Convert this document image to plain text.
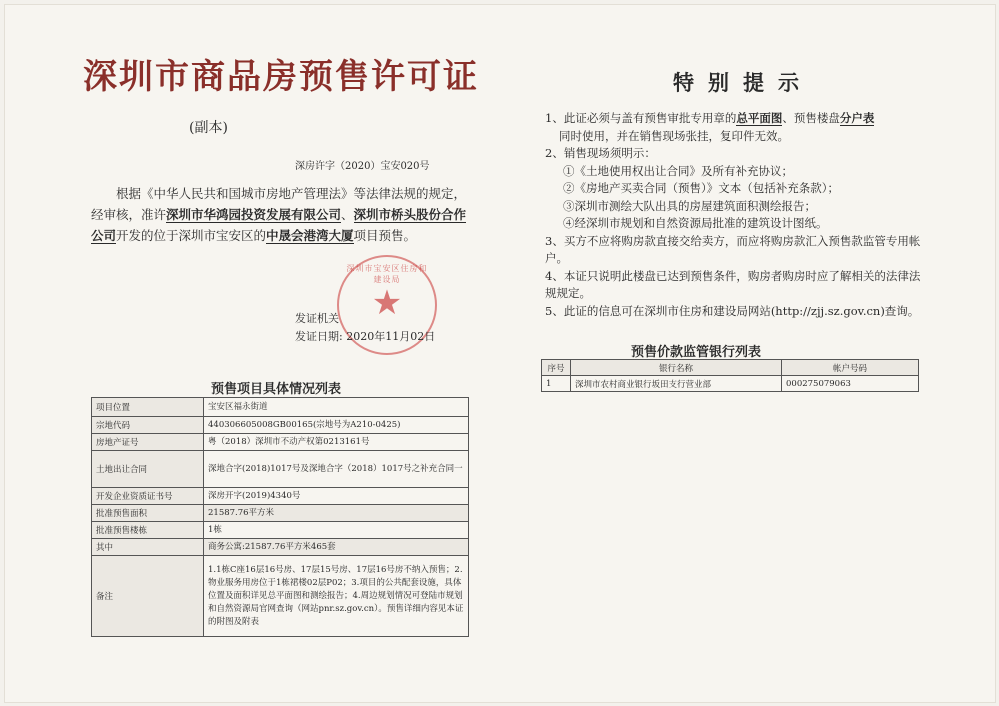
深圳市商品房预售许可证
(副本)
深房许字（2020）宝安020号
根据《中华人民共和国城市房地产管理法》等法律法规的规定，经审核，准许深圳市华鸿园投资发展有限公司、深圳市桥头股份合作公司开发的位于深圳市宝安区的中晟会港湾大厦项目预售。
深圳市宝安区住房和建设局
★
发证机关
发证日期: 2020年11月02日
预售项目具体情况列表
项目位置	宝安区福永街道
宗地代码	440306605008GB00165(宗地号为A210-0425)
房地产证号	粤（2018）深圳市不动产权第0213161号
土地出让合同	深地合字(2018)1017号及深地合字（2018）1017号之补充合同一
开发企业资质证书号	深房开字(2019)4340号
批准预售面积	21587.76平方米
批准预售楼栋	1栋
其中	商务公寓:21587.76平方米465套
备注	1.1栋C座16层16号房、17层15号房、17层16号房不纳入预售；2.物业服务用房位于1栋裙楼02层P02；3.项目的公共配套设施，具体位置及面积详见总平面图和测绘报告；4.周边规划情况可登陆市规划和自然资源局官网查询（网站pnr.sz.gov.cn）。预售详细内容见本证的附图及附表
特别提示
1、此证必须与盖有预售审批专用章的总平面图、预售楼盘分户表
同时使用，并在销售现场张挂，复印件无效。
2、销售现场须明示：
①《土地使用权出让合同》及所有补充协议；
②《房地产买卖合同（预售）》文本（包括补充条款）；
③深圳市测绘大队出具的房屋建筑面积测绘报告；
④经深圳市规划和自然资源局批准的建筑设计图纸。
3、买方不应将购房款直接交给卖方，而应将购房款汇入预售款监管专用帐户。
4、本证只说明此楼盘已达到预售条件，购房者购房时应了解相关的法律法规规定。
5、此证的信息可在深圳市住房和建设局网站(http://zjj.sz.gov.cn)查询。
预售价款监管银行列表
序号	银行名称	帐户号码
1	深圳市农村商业银行坂田支行营业部	000275079063
